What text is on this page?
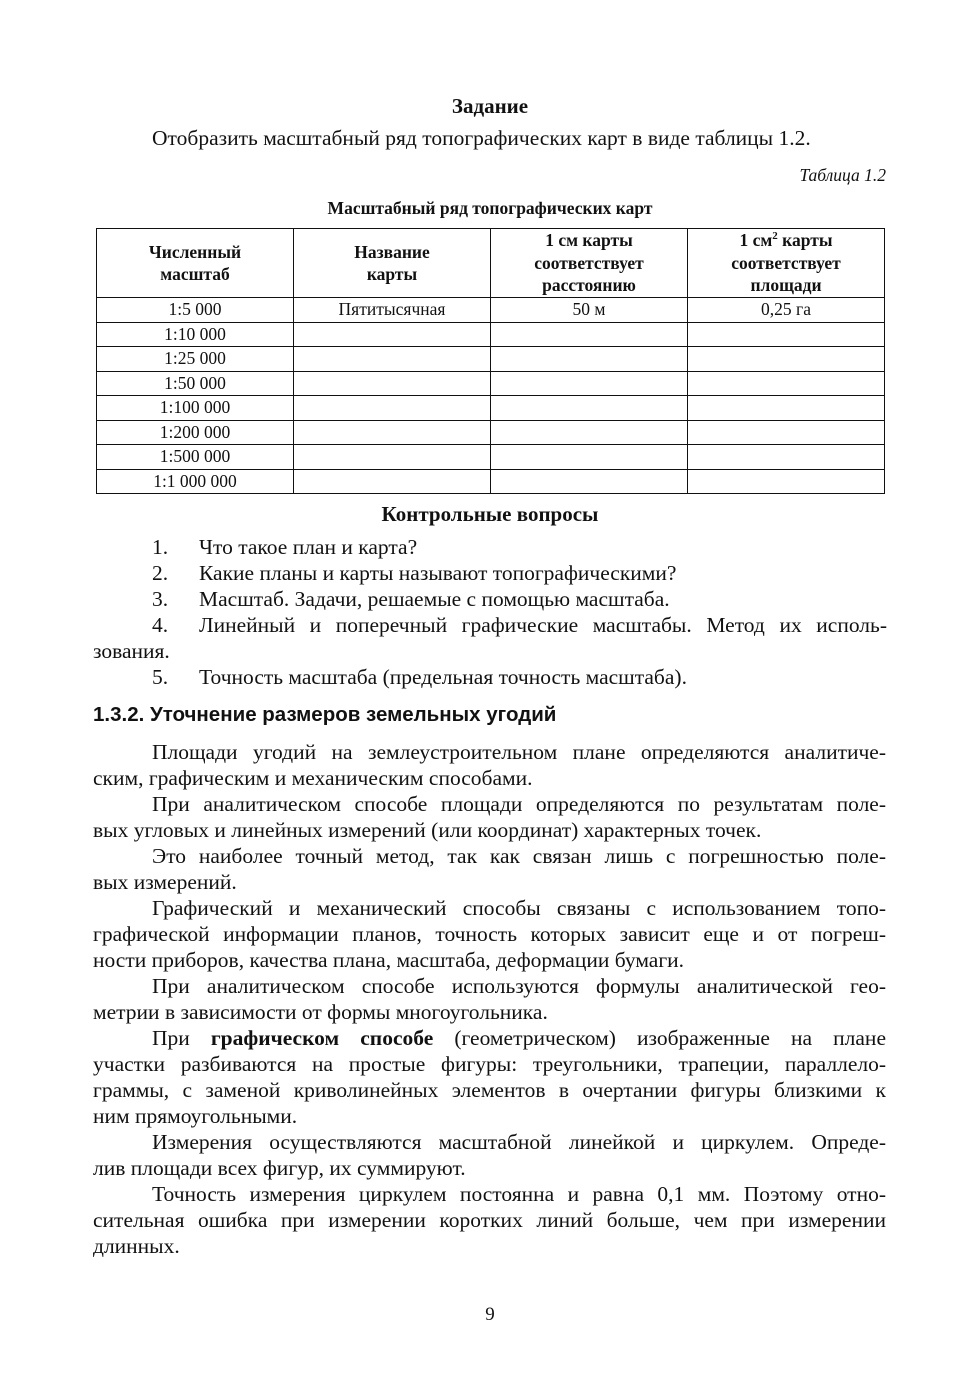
Задание
Отобразить масштабный ряд топографических карт в виде таблицы 1.2.
Таблица 1.2
Масштабный ряд топографических карт
Численный масштаб	Название карты	1 см карты соответствует расстоянию	1 $см^2$ карты соответствует площади

1:5 000	Пятитысячная	50 м	0,25 га
1:10 000			
1:25 000			
1:50 000			
1:100 000			
1:200 000			
1:500 000			
1:1 000 000			
Контрольные вопросы
1. Что такое план и карта?
2. Какие планы и карты называют топографическими?
3. Масштаб. Задачи, решаемые с помощью масштаба.
4. Линейный и поперечный графические масштабы. Метод их исполь-
зования.
5. Точность масштаба (предельная точность масштаба).
1.3.2. Уточнение размеров земельных угодий
Площади угодий на землеустроительном плане определяются аналитиче-
ским, графическим и механическим способами.
При аналитическом способе площади определяются по результатам поле-
вых угловых и линейных измерений (или координат) характерных точек.
Это наиболее точный метод, так как связан лишь с погрешностью поле-
вых измерений.
Графический и механический способы связаны с использованием топо-
графической информации планов, точность которых зависит еще и от погреш-
ности приборов, качества плана, масштаба, деформации бумаги.
При аналитическом способе используются формулы аналитической гео-
метрии в зависимости от формы многоугольника.
При графическом способе (геометрическом) изображенные на плане
участки разбиваются на простые фигуры: треугольники, трапеции, параллело-
граммы, с заменой криволинейных элементов в очертании фигуры близкими к
ним прямоугольными.
Измерения осуществляются масштабной линейкой и циркулем. Опреде-
лив площади всех фигур, их суммируют.
Точность измерения циркулем постоянна и равна 0,1 мм. Поэтому отно-
сительная ошибка при измерении коротких линий больше, чем при измерении
длинных.
9
